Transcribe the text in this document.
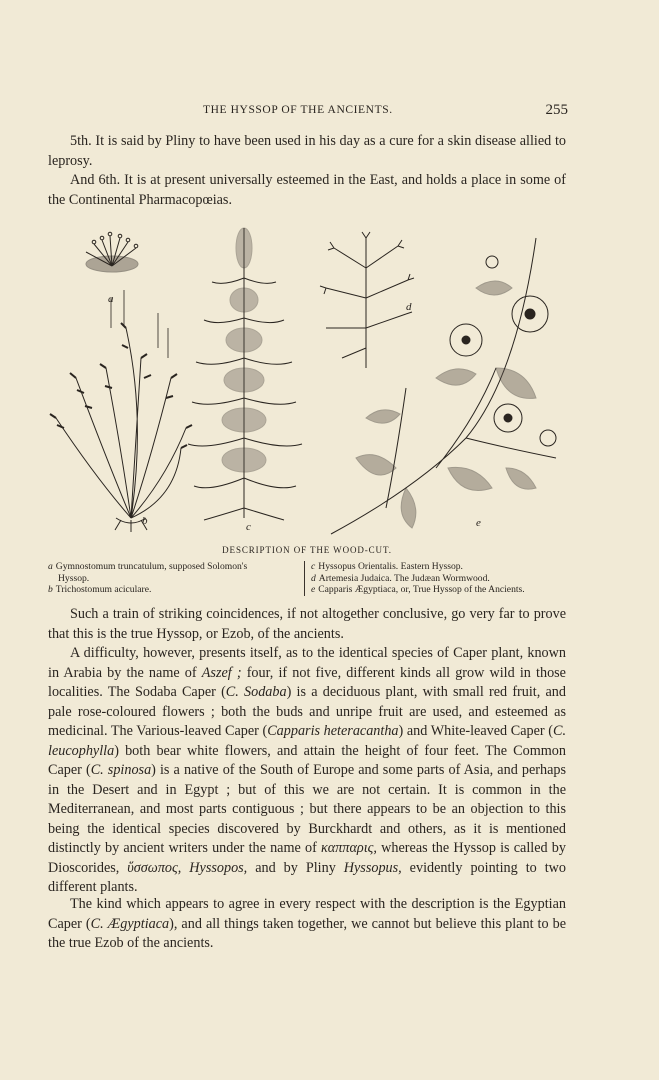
THE HYSSOP OF THE ANCIENTS.	255

5th. It is said by Pliny to have been used in his day as a cure for a skin disease allied to leprosy.

And 6th. It is at present universally esteemed in the East, and holds a place in some of the Continental Pharmacopœias.

a
b	c
d
e
DESCRIPTION OF THE WOOD-CUT.
a Gymnostomum truncatulum, supposed Solomon's
Hyssop.
b Trichostomum aciculare.
c Hyssopus Orientalis. Eastern Hyssop.
d Artemesia Judaica. The Judæan Wormwood.
e Capparis Ægyptiaca, or, True Hyssop of the Ancients.

Such a train of striking coincidences, if not altogether conclusive, go very far to prove that this is the true Hyssop, or Ezob, of the ancients.

A difficulty, however, presents itself, as to the identical species of Caper plant, known in Arabia by the name of Aszef ; four, if not five, different kinds all grow wild in those localities. The Sodaba Caper (C. Sodaba) is a deciduous plant, with small red fruit, and pale rose-coloured flowers ; both the buds and unripe fruit are used, and esteemed as medicinal. The Various-leaved Caper (Capparis heteracantha) and White-leaved Caper (C. leucophylla) both bear white flowers, and attain the height of four feet. The Common Caper (C. spinosa) is a native of the South of Europe and some parts of Asia, and perhaps in the Desert and in Egypt ; but of this we are not certain. It is common in the Mediterranean, and most parts contiguous ; but there appears to be an objection to this being the identical species discovered by Burckhardt and others, as it is mentioned distinctly by ancient writers under the name of καππαρις, whereas the Hyssop is called by Dioscorides, ὕσσωπος, Hyssopos, and by Pliny Hyssopus, evidently pointing to two different plants.

The kind which appears to agree in every respect with the description is the Egyptian Caper (C. Ægyptiaca), and all things taken together, we cannot but believe this plant to be the true Ezob of the ancients.
